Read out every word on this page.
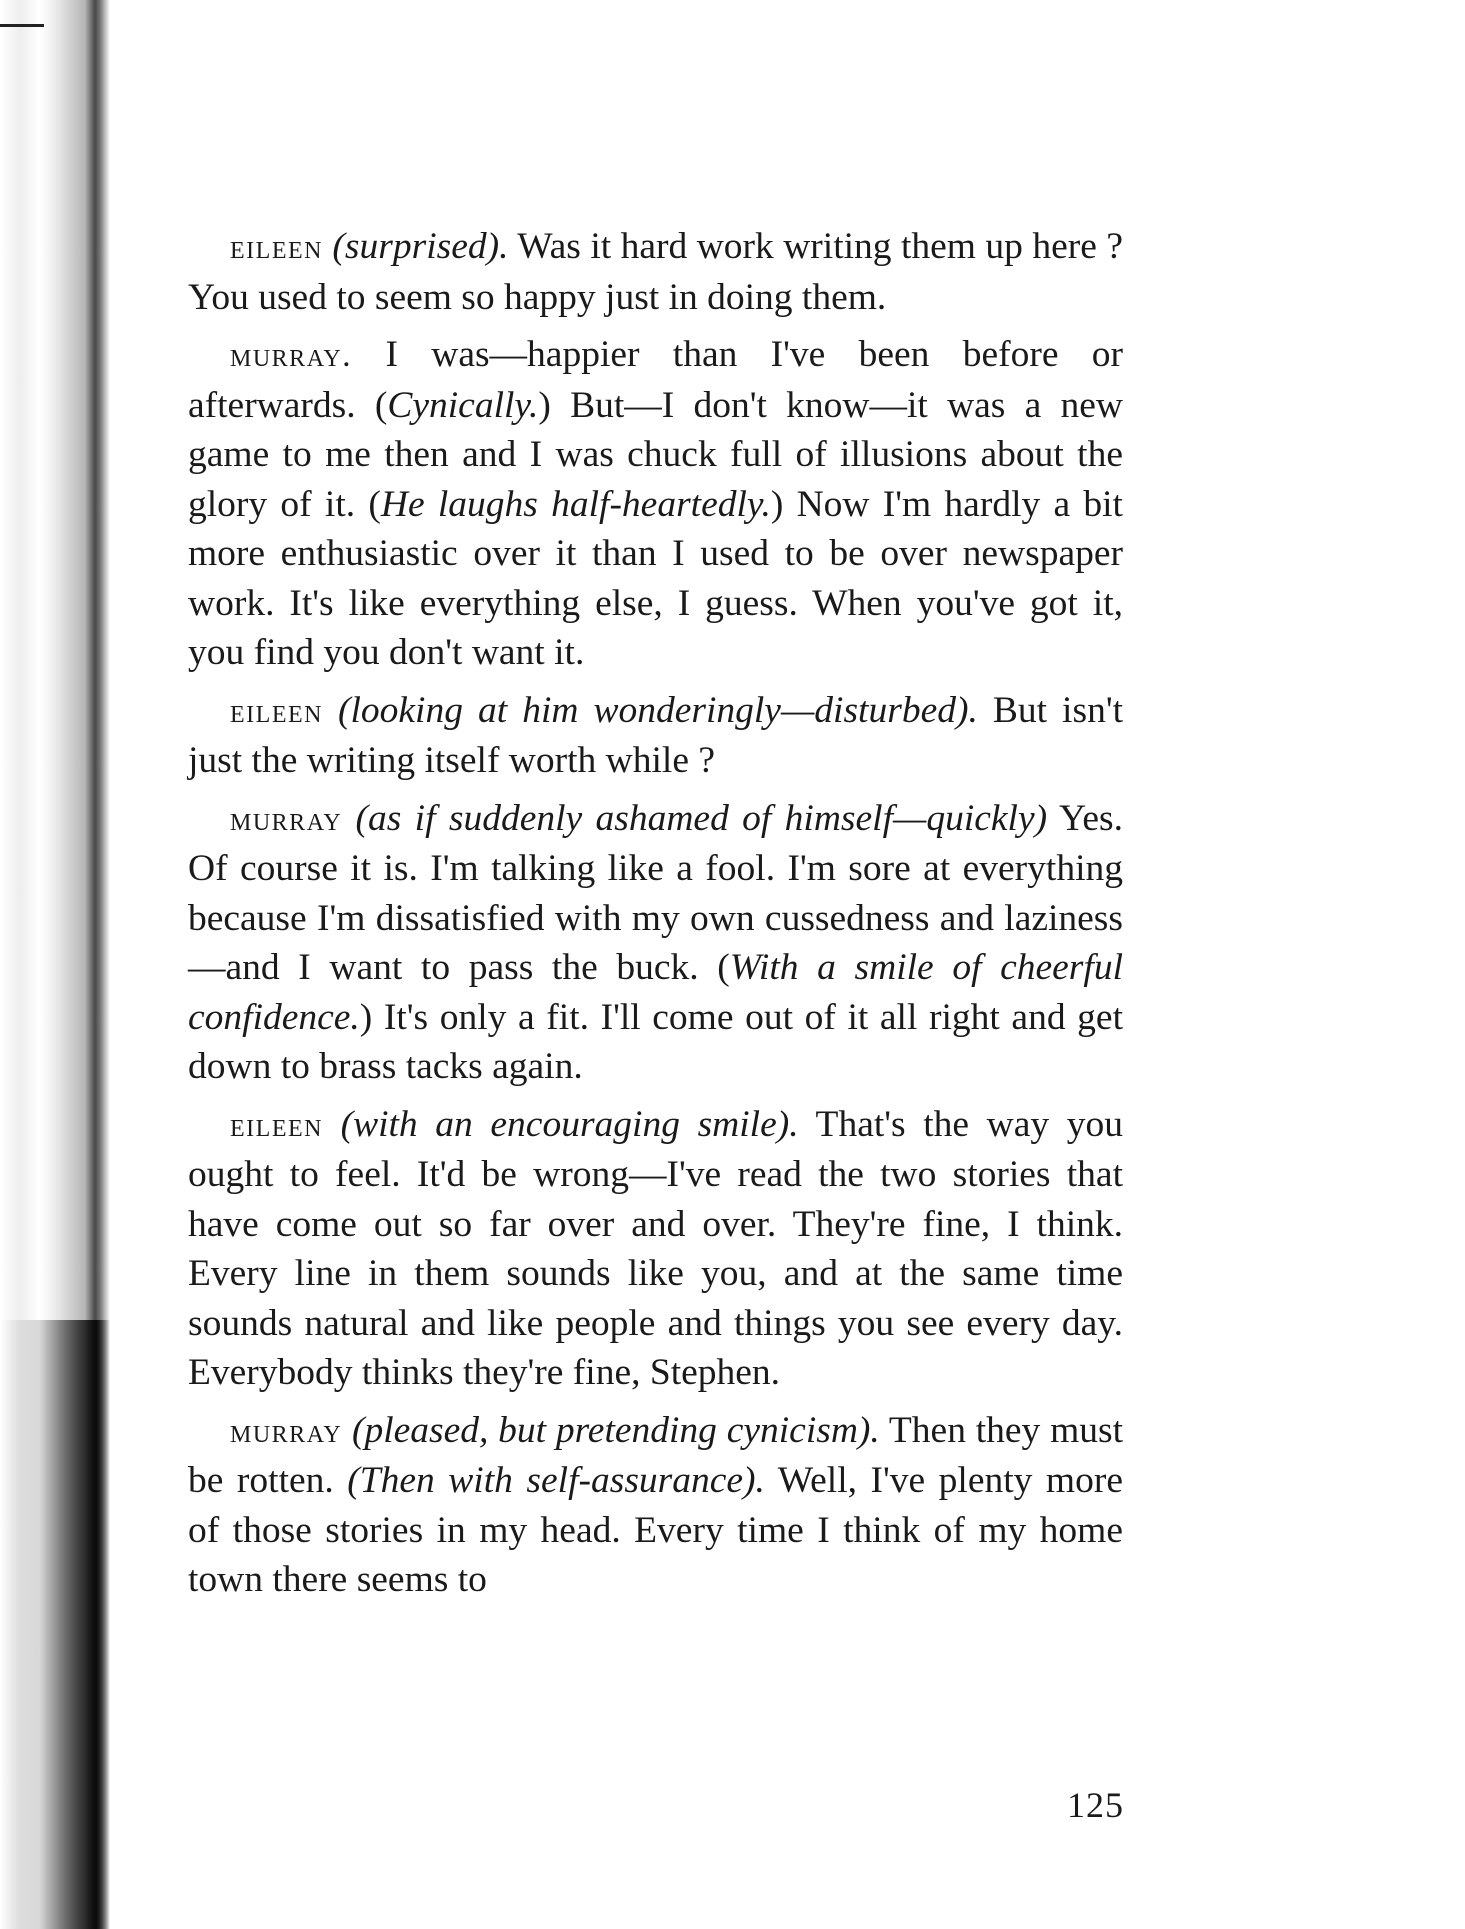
eileen (surprised). Was it hard work writing them up here ? You used to seem so happy just in doing them.

murray. I was—happier than I've been before or afterwards. (Cynically.) But—I don't know—it was a new game to me then and I was chuck full of illusions about the glory of it. (He laughs half-heartedly.) Now I'm hardly a bit more enthusiastic over it than I used to be over newspaper work. It's like everything else, I guess. When you've got it, you find you don't want it.

eileen (looking at him wonderingly—disturbed). But isn't just the writing itself worth while ?

murray (as if suddenly ashamed of himself—quickly) Yes. Of course it is. I'm talking like a fool. I'm sore at everything because I'm dissatisfied with my own cussedness and laziness—and I want to pass the buck. (With a smile of cheerful confidence.) It's only a fit. I'll come out of it all right and get down to brass tacks again.

eileen (with an encouraging smile). That's the way you ought to feel. It'd be wrong—I've read the two stories that have come out so far over and over. They're fine, I think. Every line in them sounds like you, and at the same time sounds natural and like people and things you see every day. Everybody thinks they're fine, Stephen.

murray (pleased, but pretending cynicism). Then they must be rotten. (Then with self-assurance). Well, I've plenty more of those stories in my head. Every time I think of my home town there seems to

125
